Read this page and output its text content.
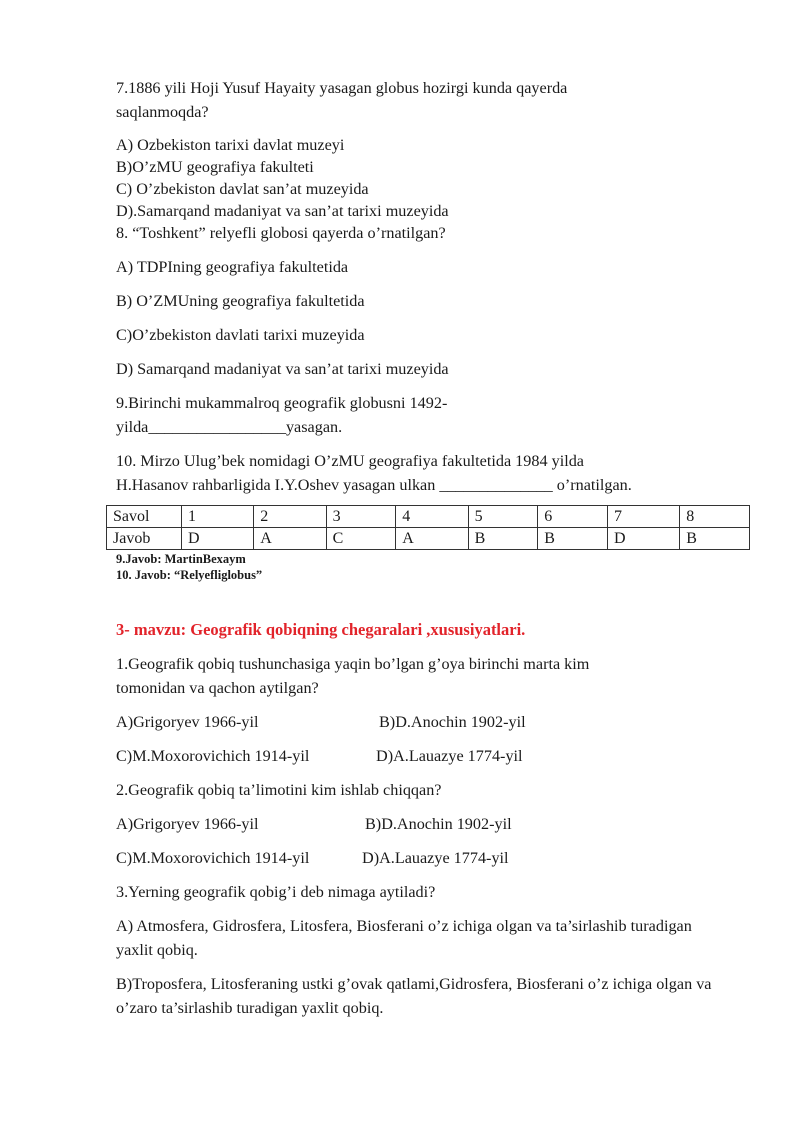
7.1886 yili Hoji Yusuf Hayaity yasagan globus hozirgi kunda qayerda
saqlanmoqda?
A) Ozbekiston tarixi davlat muzeyi
B)O’zMU geografiya fakulteti
C) O’zbekiston davlat san’at muzeyida
D).Samarqand madaniyat va san’at tarixi muzeyida
8. “Toshkent” relyefli globosi qayerda o’rnatilgan?
A) TDPIning geografiya fakultetida
B) O’ZMUning geografiya fakultetida
C)O’zbekiston davlati tarixi muzeyida
D) Samarqand madaniyat va san’at tarixi muzeyida
9.Birinchi mukammalroq geografik globusni 1492-
yilda_________________yasagan.
10. Mirzo Ulug’bek nomidagi O’zMU geografiya fakultetida 1984 yilda
H.Hasanov rahbarligida I.Y.Oshev yasagan ulkan ______________ o’rnatilgan.
Savol	1	2	3	4	5	6	7	8
Javob	D	A	C	A	B	B	D	B
9.Javob: MartinBexaym
10. Javob: “Relyefliglobus”
3- mavzu: Geografik qobiqning chegaralari ,xususiyatlari.
1.Geografik qobiq tushunchasiga yaqin bo’lgan g’oya birinchi marta kim
tomonidan va qachon aytilgan?
A)Grigoryev 1966-yil	B)D.Anochin 1902-yil
C)M.Moxorovichich 1914-yil	D)A.Lauazye 1774-yil
2.Geografik qobiq ta’limotini kim ishlab chiqqan?
A)Grigoryev 1966-yil	B)D.Anochin 1902-yil
C)M.Moxorovichich 1914-yil	D)A.Lauazye 1774-yil
3.Yerning geografik qobig’i deb nimaga aytiladi?
A) Atmosfera, Gidrosfera, Litosfera, Biosferani o’z ichiga olgan va ta’sirlashib turadigan yaxlit qobiq.
B)Troposfera, Litosferaning ustki g’ovak qatlami,Gidrosfera, Biosferani o’z ichiga olgan va o’zaro ta’sirlashib turadigan yaxlit qobiq.
